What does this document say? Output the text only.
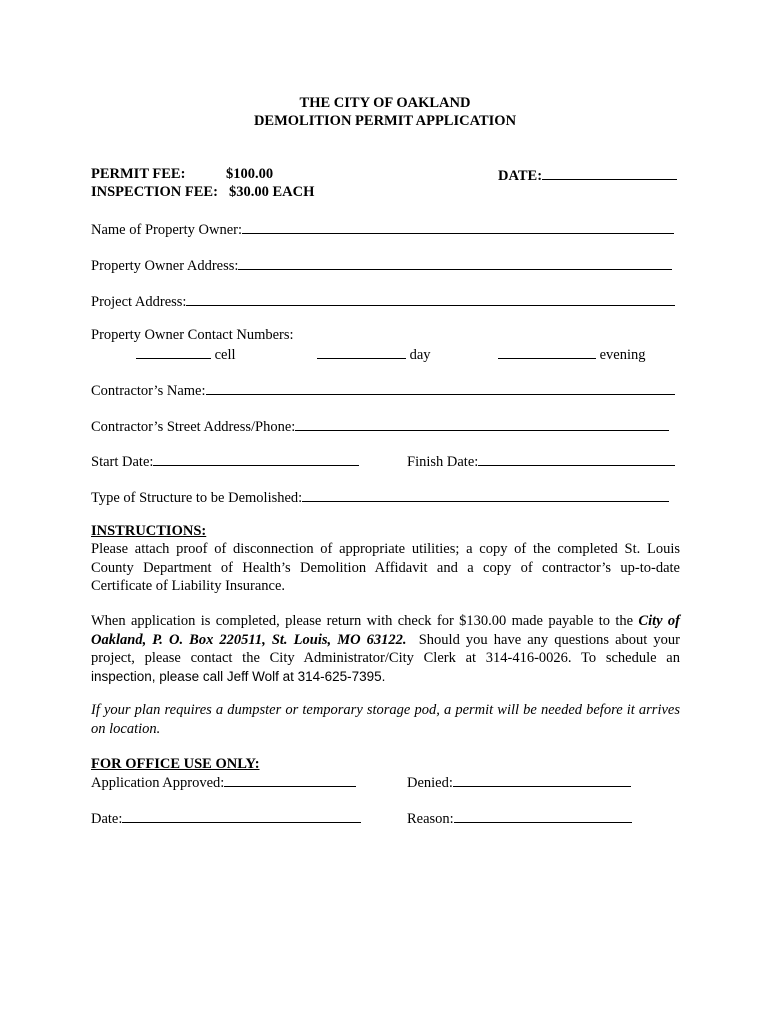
THE CITY OF OAKLAND
DEMOLITION PERMIT APPLICATION
PERMIT FEE:	$100.00
INSPECTION FEE: $30.00 EACH
DATE:
Name of Property Owner:
Property Owner Address:
Project Address:
Property Owner Contact Numbers:
cell	day	evening
Contractor’s Name:
Contractor’s Street Address/Phone:
Start Date:	Finish Date:
Type of Structure to be Demolished:
INSTRUCTIONS:
Please attach proof of disconnection of appropriate utilities; a copy of the completed St. Louis County Department of Health’s Demolition Affidavit and a copy of contractor’s up-to-date Certificate of Liability Insurance.
When application is completed, please return with check for $130.00 made payable to the City of Oakland, P. O. Box 220511, St. Louis, MO 63122. Should you have any questions about your project, please contact the City Administrator/City Clerk at 314-416-0026. To schedule an inspection, please call Jeff Wolf at 314-625-7395.
If your plan requires a dumpster or temporary storage pod, a permit will be needed before it arrives on location.
FOR OFFICE USE ONLY:
Application Approved:	Denied:
Date:	Reason:
